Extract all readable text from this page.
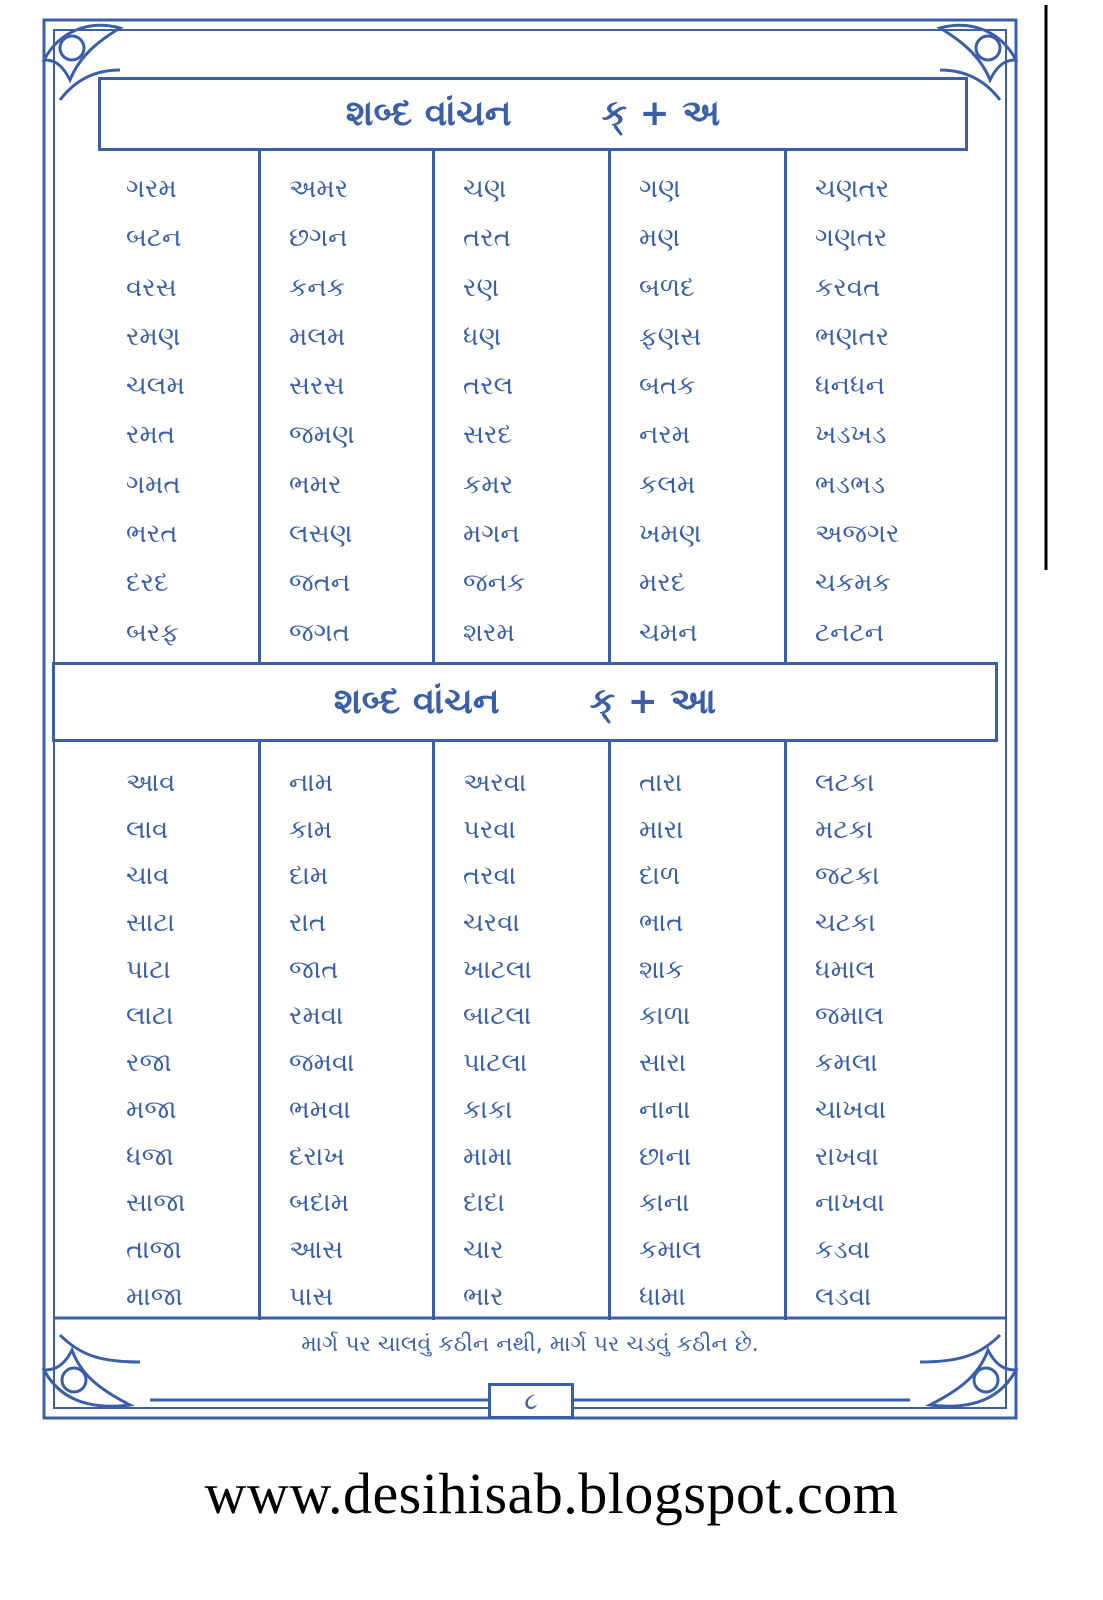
શબ્દ વાંચન	ક્ + અ
ગરમ
બટન
વરસ
રમણ
ચલમ
રમત
ગમત
ભરત
દરદ
બરફ
અમર
છગન
કનક
મલમ
સરસ
જમણ
ભમર
લસણ
જતન
જગત
ચણ
તરત
રણ
ધણ
તરલ
સરદ
કમર
મગન
જનક
શરમ
ગણ
મણ
બળદ
ફણસ
બતક
નરમ
કલમ
ખમણ
મરદ
ચમન
ચણતર
ગણતર
કરવત
ભણતર
ધનધન
ખડખડ
ભડભડ
અજગર
ચકમક
ટનટન
શબ્દ વાંચન	ક્ + આ
આવ
લાવ
ચાવ
સાટા
પાટા
લાટા
રજા
મજા
ધજા
સાજા
તાજા
માજા
નામ
કામ
દામ
રાત
જાત
રમવા
જમવા
ભમવા
દરાખ
બદામ
આસ
પાસ
અરવા
પરવા
તરવા
ચરવા
ખાટલા
બાટલા
પાટલા
કાકા
મામા
દાદા
ચાર
ભાર
તારા
મારા
દાળ
ભાત
શાક
કાળા
સારા
નાના
છાના
કાના
કમાલ
ધામા
લટકા
મટકા
જટકા
ચટકા
ધમાલ
જમાલ
કમલા
ચાખવા
રાખવા
નાખવા
કડવા
લડવા
માર્ગ પર ચાલવું કઠીન નથી, માર્ગ પર ચડવું કઠીન છે.
૮
www.desihisab.blogspot.com
